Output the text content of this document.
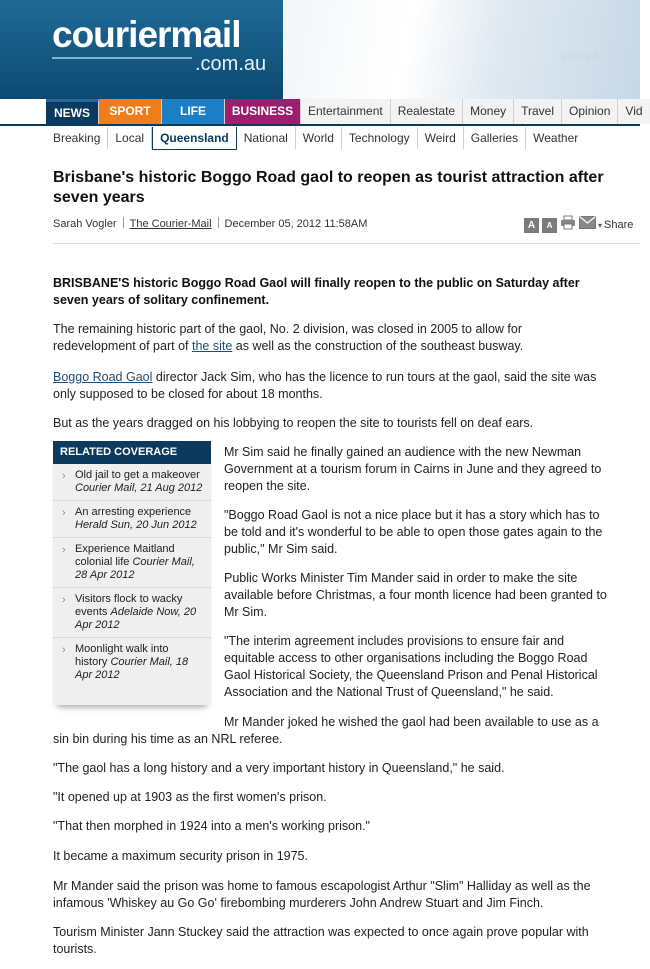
united
couriermail
.com.au
NEWS	SPORT	LIFE	BUSINESS	Entertainment	Realestate	Money	Travel	Opinion	Vid
Breaking	Local	Queensland	National	World	Technology	Weird	Galleries	Weather
Brisbane's historic Boggo Road gaol to reopen as tourist attraction after seven years
Sarah Vogler The Courier-Mail December 05, 2012 11:58AM	A	A	▾ Share

BRISBANE'S historic Boggo Road Gaol will finally reopen to the public on Saturday after seven years of solitary confinement.

The remaining historic part of the gaol, No. 2 division, was closed in 2005 to allow for redevelopment of part of the site as well as the construction of the southeast busway.

Boggo Road Gaol director Jack Sim, who has the licence to run tours at the gaol, said the site was only supposed to be closed for about 18 months.

But as the years dragged on his lobbying to reopen the site to tourists fell on deaf ears.

RELATED COVERAGE
› Old jail to get a makeover
Courier Mail, 21 Aug 2012
› An arresting experience
Herald Sun, 20 Jun 2012
› Experience Maitland colonial life Courier Mail, 28 Apr 2012
› Visitors flock to wacky events Adelaide Now, 20 Apr 2012
› Moonlight walk into history Courier Mail, 18 Apr 2012

Mr Sim said he finally gained an audience with the new Newman Government at a tourism forum in Cairns in June and they agreed to reopen the site.

"Boggo Road Gaol is not a nice place but it has a story which has to be told and it's wonderful to be able to open those gates again to the public," Mr Sim said.

Public Works Minister Tim Mander said in order to make the site available before Christmas, a four month licence had been granted to Mr Sim.

"The interim agreement includes provisions to ensure fair and equitable access to other organisations including the Boggo Road Gaol Historical Society, the Queensland Prison and Penal Historical Association and the National Trust of Queensland," he said.

Mr Mander joked he wished the gaol had been available to use as a sin bin during his time as an NRL referee.

"The gaol has a long history and a very important history in Queensland," he said.

"It opened up at 1903 as the first women's prison.

"That then morphed in 1924 into a men's working prison."

It became a maximum security prison in 1975.

Mr Mander said the prison was home to famous escapologist Arthur "Slim" Halliday as well as the infamous 'Whiskey au Go Go' firebombing murderers John Andrew Stuart and Jim Finch.

Tourism Minister Jann Stuckey said the attraction was expected to once again prove popular with tourists.
